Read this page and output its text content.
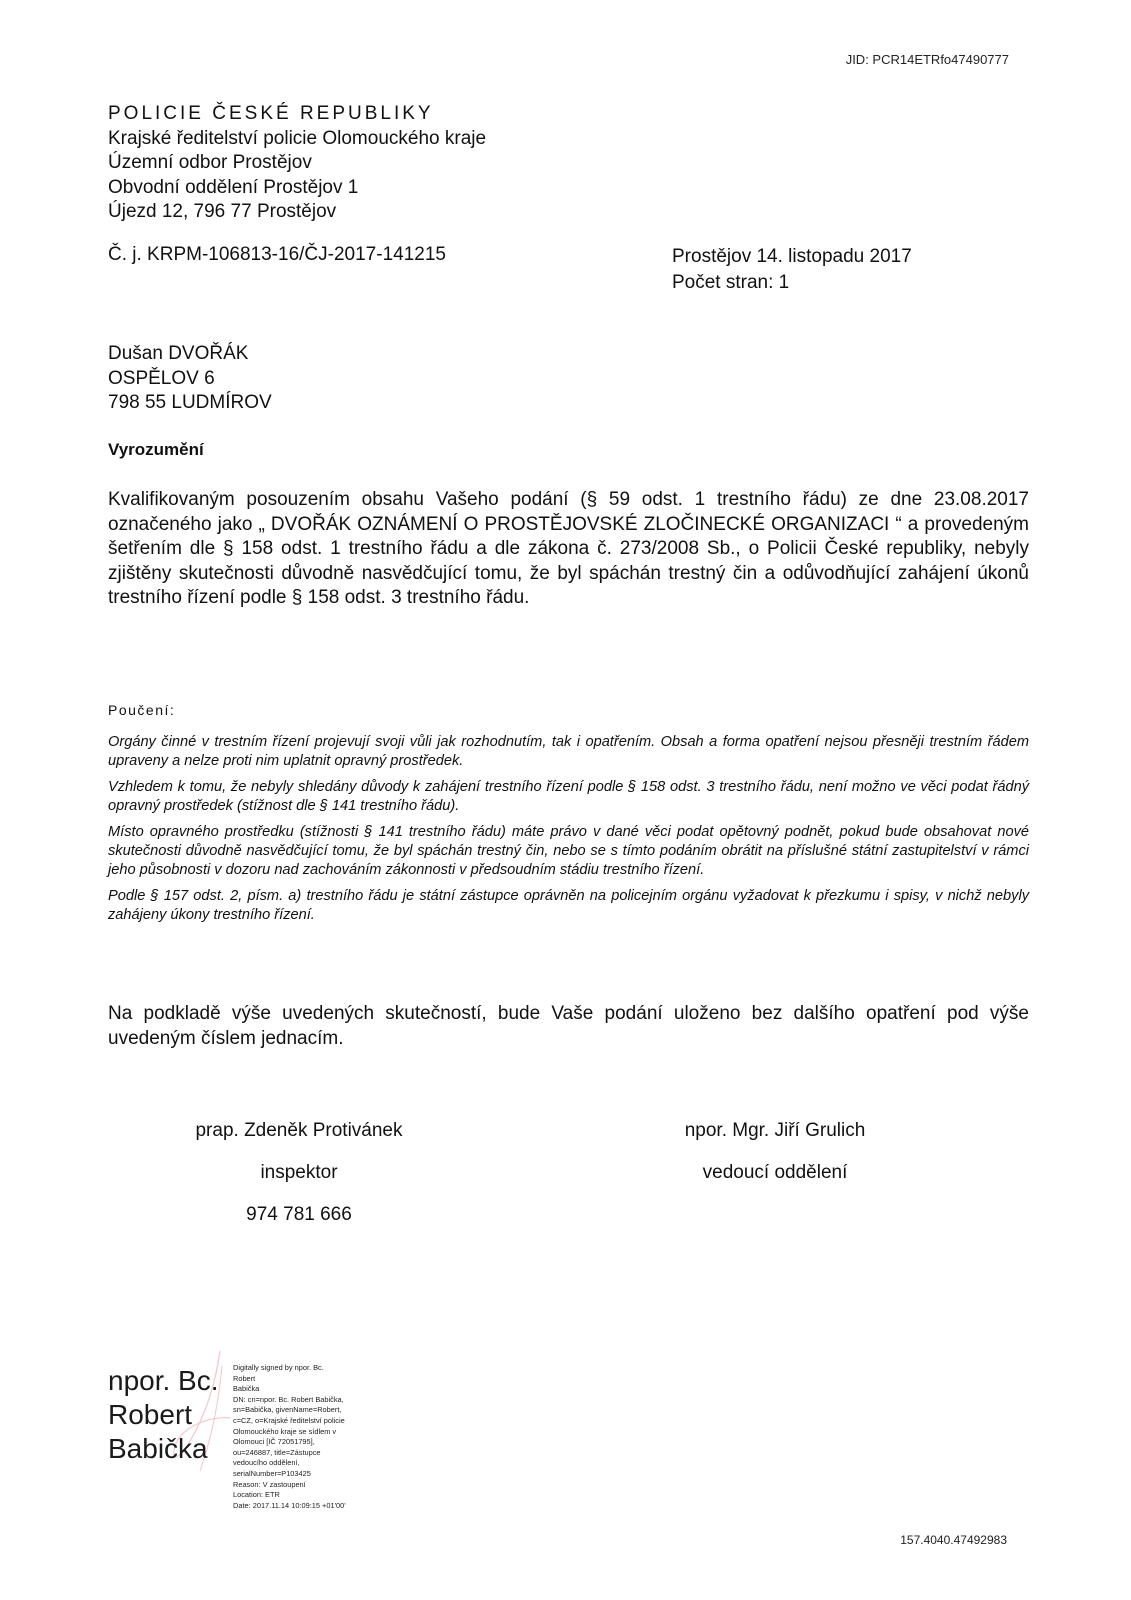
JID: PCR14ETRfo47490777
POLICIE ČESKÉ REPUBLIKY
Krajské ředitelství policie Olomouckého kraje
Územní odbor Prostějov
Obvodní oddělení Prostějov 1
Újezd 12, 796 77 Prostějov
Č. j. KRPM-106813-16/ČJ-2017-141215	Prostějov 14. listopadu 2017
Počet stran: 1
Dušan DVOŘÁK
OSPĚLOV 6
798 55 LUDMÍROV
Vyrozumění
Kvalifikovaným posouzením obsahu Vašeho podání (§ 59 odst. 1 trestního řádu) ze dne 23.08.2017 označeného jako „ DVOŘÁK OZNÁMENÍ O PROSTĚJOVSKÉ ZLOČINECKÉ ORGANIZACI “ a provedeným šetřením dle § 158 odst. 1 trestního řádu a dle zákona č. 273/2008 Sb., o Policii České republiky, nebyly zjištěny skutečnosti důvodně nasvědčující tomu, že byl spáchán trestný čin a odůvodňující zahájení úkonů trestního řízení podle § 158 odst. 3 trestního řádu.
Poučení:

Orgány činné v trestním řízení projevují svoji vůli jak rozhodnutím, tak i opatřením. Obsah a forma opatření nejsou přesněji trestním řádem upraveny a nelze proti nim uplatnit opravný prostředek.

Vzhledem k tomu, že nebyly shledány důvody k zahájení trestního řízení podle § 158 odst. 3 trestního řádu, není možno ve věci podat řádný opravný prostředek (stížnost dle § 141 trestního řádu).

Místo opravného prostředku (stížnosti § 141 trestního řádu) máte právo v dané věci podat opětovný podnět, pokud bude obsahovat nové skutečnosti důvodně nasvědčující tomu, že byl spáchán trestný čin, nebo se s tímto podáním obrátit na příslušné státní zastupitelství v rámci jeho působnosti v dozoru nad zachováním zákonnosti v předsoudním stádiu trestního řízení.

Podle § 157 odst. 2, písm. a) trestního řádu je státní zástupce oprávněn na policejním orgánu vyžadovat k přezkumu i spisy, v nichž nebyly zahájeny úkony trestního řízení.

Na podkladě výše uvedených skutečností, bude Vaše podání uloženo bez dalšího opatření pod výše uvedeným číslem jednacím.
prap. Zdeněk Protivánek
inspektor
974 781 666
npor. Mgr. Jiří Grulich
vedoucí oddělení
npor. Bc.
Robert
Babička
Digitally signed by npor. Bc. Robert
Babička
DN: cn=npor. Bc. Robert Babička,
sn=Babička, givenName=Robert,
c=CZ, o=Krajské ředitelství policie
Olomouckého kraje se sídlem v
Olomouci [IČ 72051795],
ou=246887, title=Zástupce
vedoucího oddělení,
serialNumber=P103425
Reason: V zastoupení
Location: ETR
Date: 2017.11.14 10:09:15 +01'00'
157.4040.47492983
